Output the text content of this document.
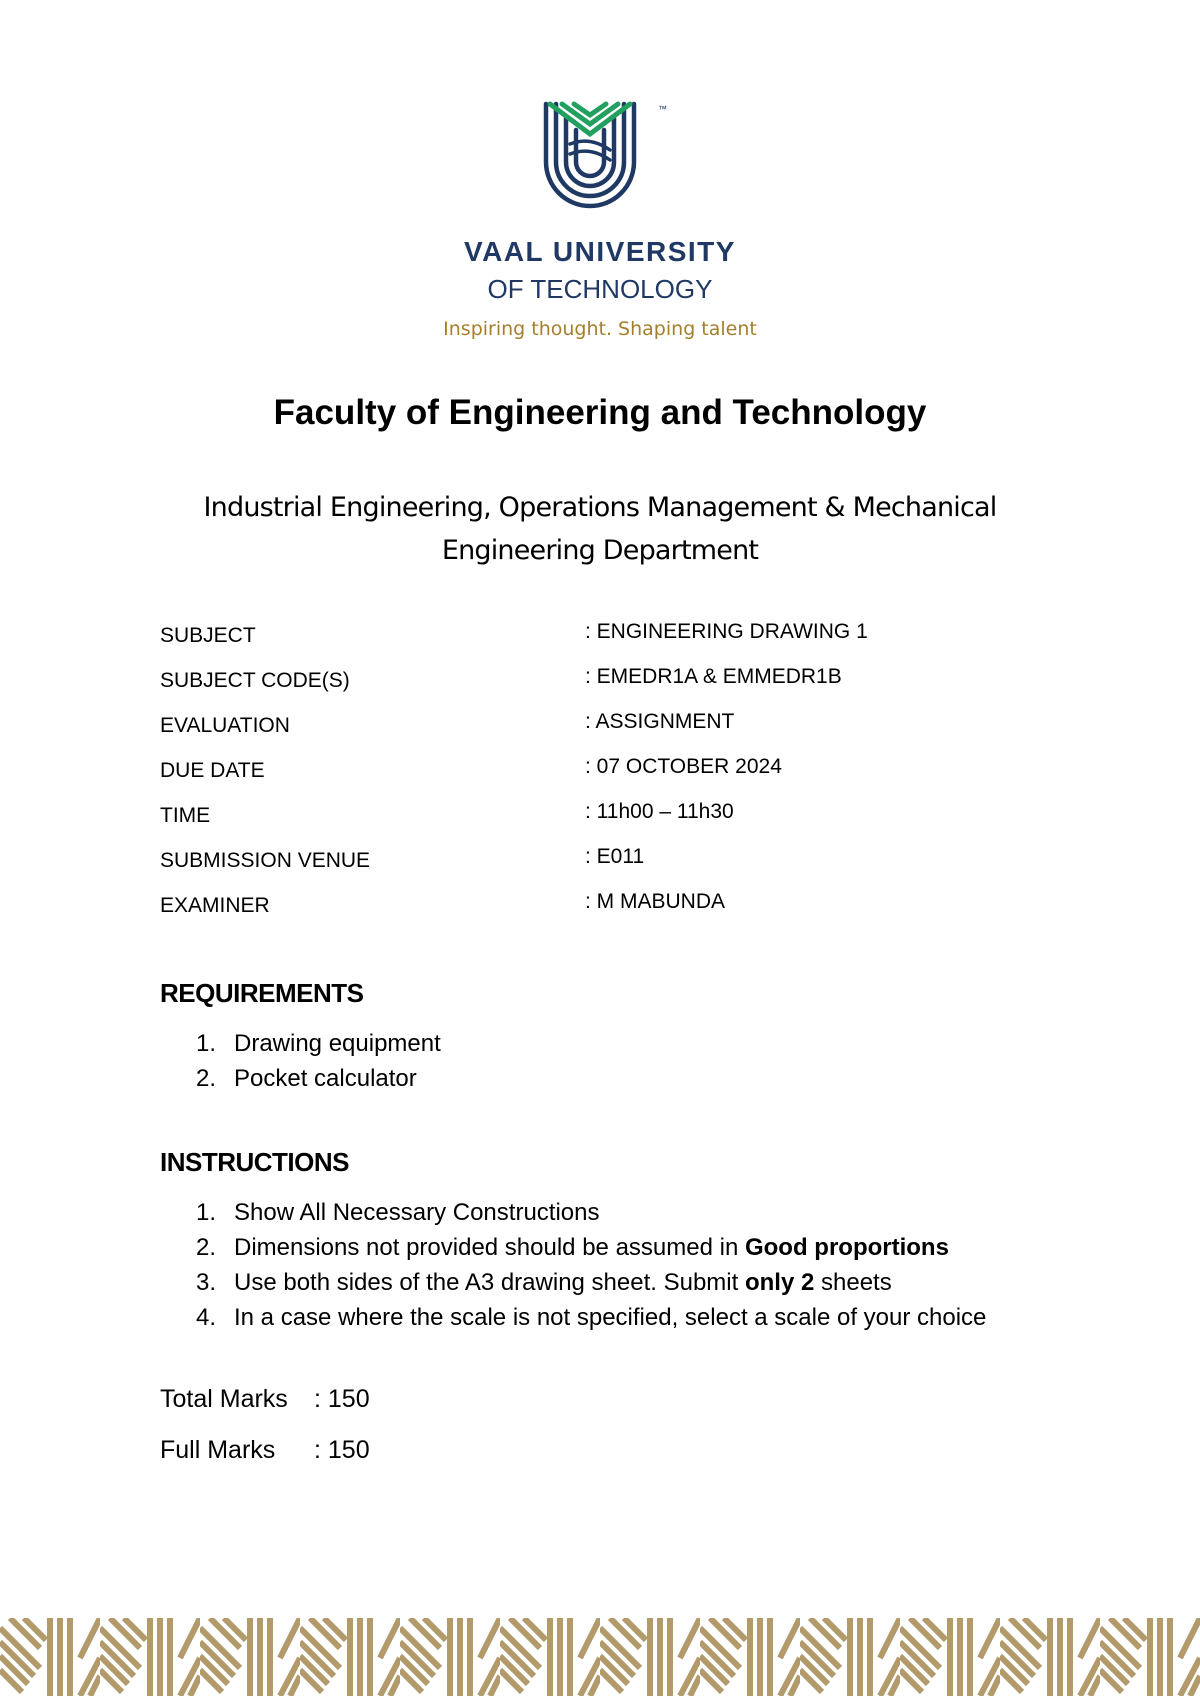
™
VAAL UNIVERSITY
OF TECHNOLOGY
Inspiring thought. Shaping talent
Faculty of Engineering and Technology
Industrial Engineering, Operations Management & Mechanical
Engineering Department
SUBJECT	: ENGINEERING DRAWING 1
SUBJECT CODE(S)	: EMEDR1A & EMMEDR1B
EVALUATION	: ASSIGNMENT
DUE DATE	: 07 OCTOBER 2024
TIME	: 11h00 – 11h30
SUBMISSION VENUE	: E011
EXAMINER	: M MABUNDA
REQUIREMENTS
1. Drawing equipment
2. Pocket calculator
INSTRUCTIONS
1. Show All Necessary Constructions
2. Dimensions not provided should be assumed in Good proportions
3. Use both sides of the A3 drawing sheet. Submit only 2 sheets
4. In a case where the scale is not specified, select a scale of your choice
Total Marks : 150
Full Marks : 150
